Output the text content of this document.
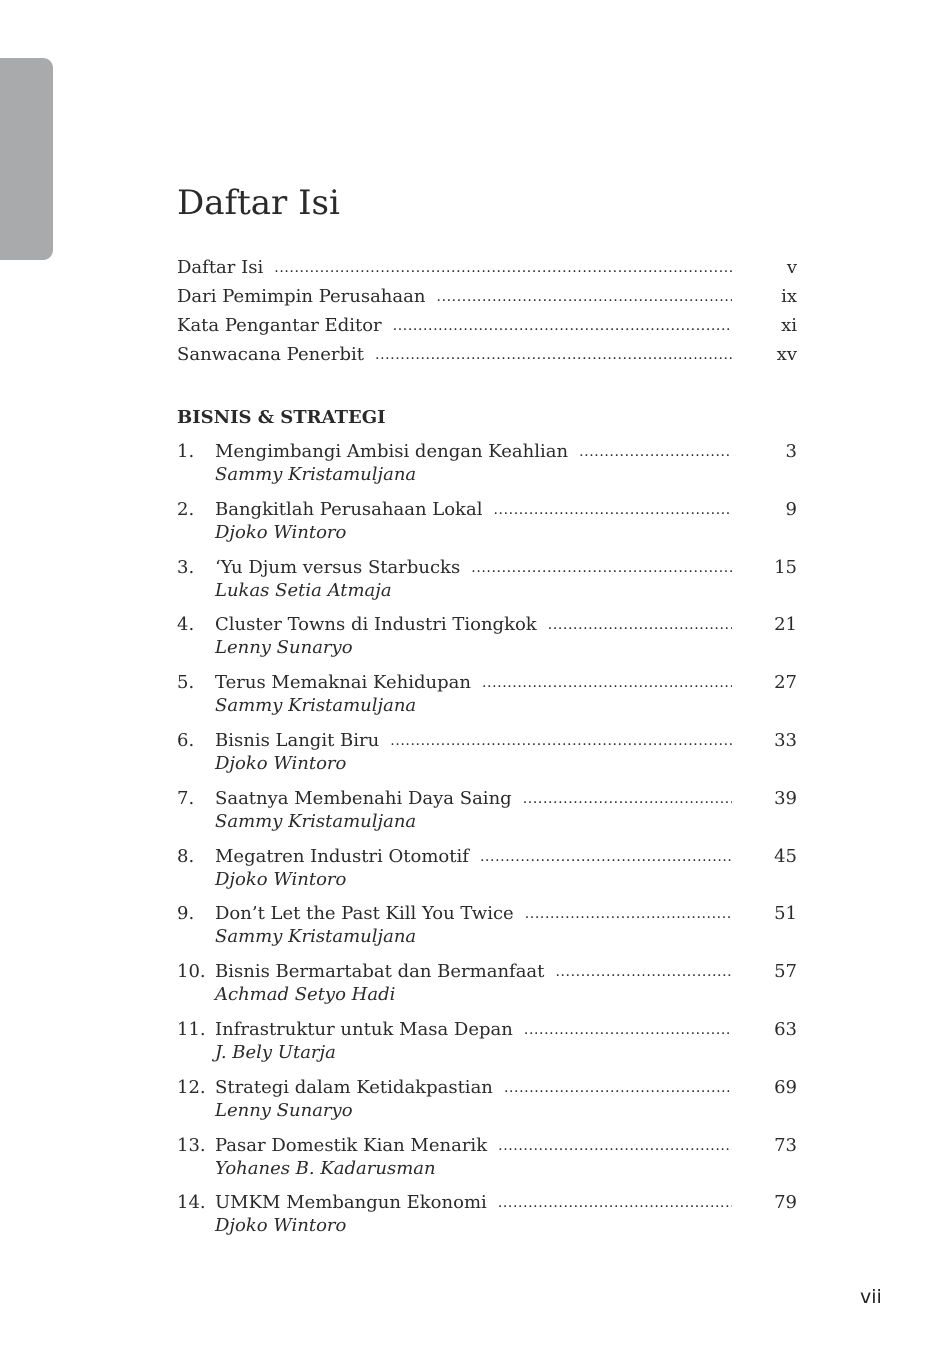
Daftar Isi
Daftar Isi .....	v
Dari Pemimpin Perusahaan .....	ix
Kata Pengantar Editor .....	xi
Sanwacana Penerbit .....	xv
BISNIS & STRATEGI
1. Mengimbangi Ambisi dengan Keahlian .....	3
Sammy Kristamuljana
2. Bangkitlah Perusahaan Lokal .....	9
Djoko Wintoro
3. ‘Yu Djum versus Starbucks .....	15
Lukas Setia Atmaja
4. Cluster Towns di Industri Tiongkok .....	21
Lenny Sunaryo
5. Terus Memaknai Kehidupan .....	27
Sammy Kristamuljana
6. Bisnis Langit Biru .....	33
Djoko Wintoro
7. Saatnya Membenahi Daya Saing .....	39
Sammy Kristamuljana
8. Megatren Industri Otomotif .....	45
Djoko Wintoro
9. Don’t Let the Past Kill You Twice .....	51
Sammy Kristamuljana
10. Bisnis Bermartabat dan Bermanfaat .....	57
Achmad Setyo Hadi
11. Infrastruktur untuk Masa Depan .....	63
J. Bely Utarja
12. Strategi dalam Ketidakpastian .....	69
Lenny Sunaryo
13. Pasar Domestik Kian Menarik .....	73
Yohanes B. Kadarusman
14. UMKM Membangun Ekonomi .....	79
Djoko Wintoro
vii
